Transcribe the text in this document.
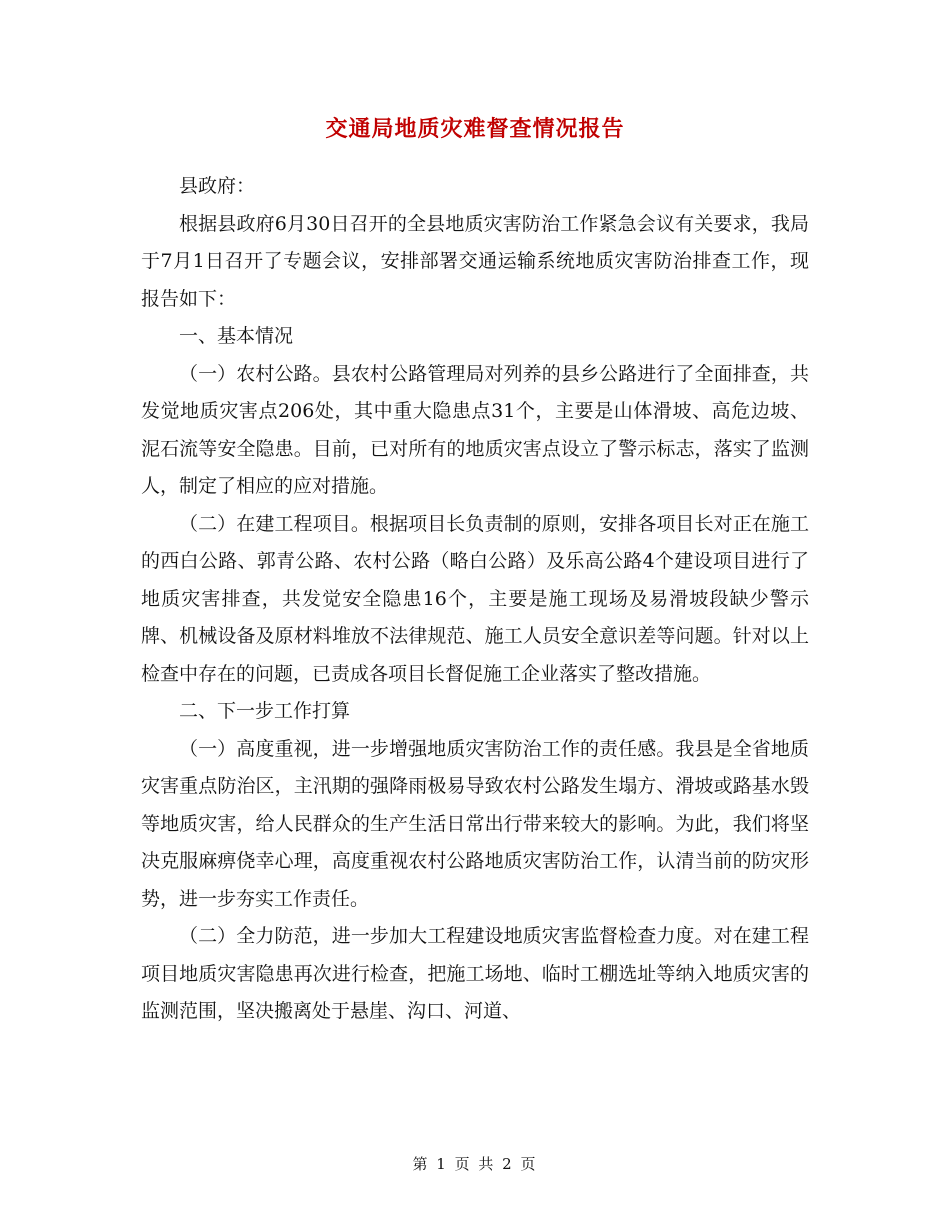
交通局地质灾难督查情况报告

县政府：

根据县政府6月30日召开的全县地质灾害防治工作紧急会议有关要求，我局于7月1日召开了专题会议，安排部署交通运输系统地质灾害防治排查工作，现报告如下：

一、基本情况

（一）农村公路。县农村公路管理局对列养的县乡公路进行了全面排查，共发觉地质灾害点206处，其中重大隐患点31个，主要是山体滑坡、高危边坡、泥石流等安全隐患。目前，已对所有的地质灾害点设立了警示标志，落实了监测人，制定了相应的应对措施。

（二）在建工程项目。根据项目长负责制的原则，安排各项目长对正在施工的西白公路、郭青公路、农村公路（略白公路）及乐高公路4个建设项目进行了地质灾害排查，共发觉安全隐患16个，主要是施工现场及易滑坡段缺少警示牌、机械设备及原材料堆放不法律规范、施工人员安全意识差等问题。针对以上检查中存在的问题，已责成各项目长督促施工企业落实了整改措施。

二、下一步工作打算

（一）高度重视，进一步增强地质灾害防治工作的责任感。我县是全省地质灾害重点防治区，主汛期的强降雨极易导致农村公路发生塌方、滑坡或路基水毁等地质灾害，给人民群众的生产生活日常出行带来较大的影响。为此，我们将坚决克服麻痹侥幸心理，高度重视农村公路地质灾害防治工作，认清当前的防灾形势，进一步夯实工作责任。

（二）全力防范，进一步加大工程建设地质灾害监督检查力度。对在建工程项目地质灾害隐患再次进行检查，把施工场地、临时工棚选址等纳入地质灾害的监测范围，坚决搬离处于悬崖、沟口、河道、

第 1 页 共 2 页
